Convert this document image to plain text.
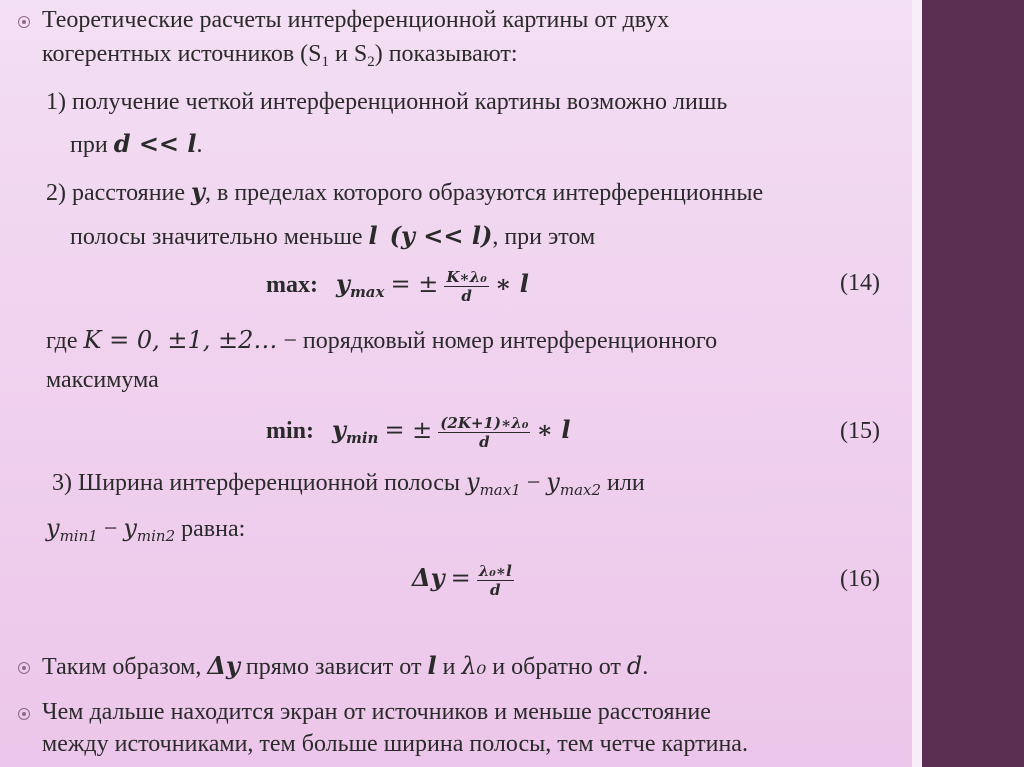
Теоретические расчеты интерференционной картины от двух
когерентных источников ($S_1$ и $S_2$) показывают:
1) получение четкой интерференционной картины возможно лишь
при d << l.
2) расстояние y, в пределах которого образуются интерференционные
полосы значительно меньше l (y << l), при этом
max: $y_{max}$ = ± $\frac{\text{K∗λ₀}}{d}$ ∗ l	(14)
где K = 0, ±1, ±2… − порядковый номер интерференционного
максимума
min: $y_{min}$ = ± $\frac{\text{(2K+1)∗λ₀}}{d}$ ∗ l	(15)
3) Ширина интерференционной полосы $y_{max1} - y_{max2}$ или
$y_{min1} - y_{min2}$ равна:
$\Delta y = \frac{\text{λ₀∗l}}{d}$	(16)
Таким образом, Δy прямо зависит от l и λ₀ и обратно от d.
Чем дальше находится экран от источников и меньше расстояние
между источниками, тем больше ширина полосы, тем четче картина.
